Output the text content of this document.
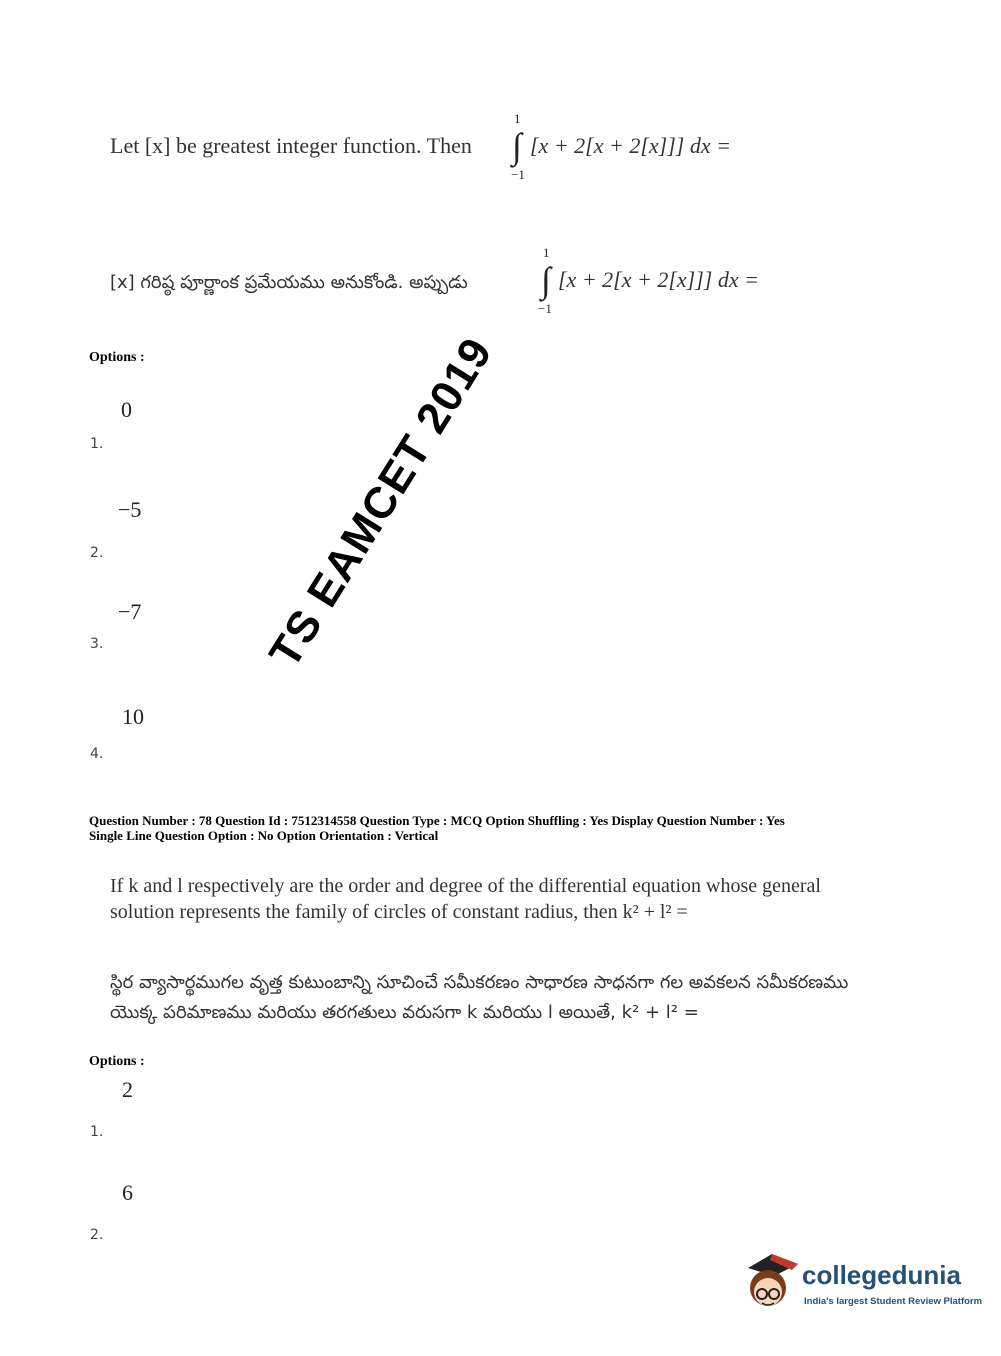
Let [x] be greatest integer function. Then
1
∫
−1
[x + 2[x + 2[x]]] dx =
[x] గరిష్ఠ పూర్ణాంక ప్రమేయము అనుకోండి. అప్పుడు
1
∫
−1
[x + 2[x + 2[x]]] dx =
Options :
0
1.
−5
2.
−7
3.
10
4.
Question Number : 78 Question Id : 7512314558 Question Type : MCQ Option Shuffling : Yes Display Question Number : Yes
Single Line Question Option : No Option Orientation : Vertical
If k and l respectively are the order and degree of the differential equation whose general
solution represents the family of circles of constant radius, then k² + l² =
స్థిర వ్యాసార్థముగల వృత్త కుటుంబాన్ని సూచించే సమీకరణం సాధారణ సాధనగా గల అవకలన సమీకరణము
యొక్క పరిమాణము మరియు తరగతులు వరుసగా k మరియు l అయితే, k² + l² =
Options :
2
1.
6
2.
TS EAMCET 2019
collegedunia
India's largest Student Review Platform
